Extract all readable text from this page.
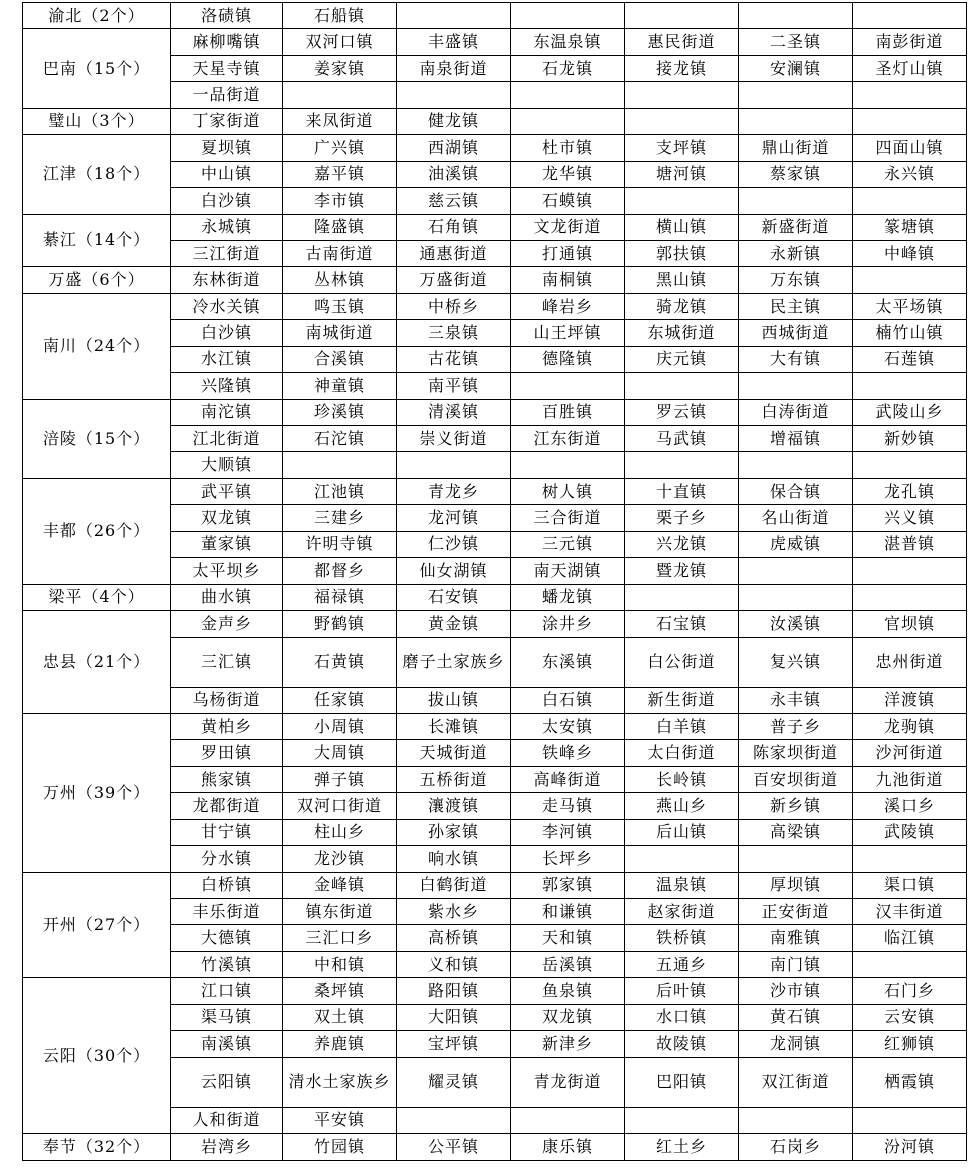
渝北（2个）	洛碛镇	石船镇					
巴南（15个）	麻柳嘴镇	双河口镇	丰盛镇	东温泉镇	惠民街道	二圣镇	南彭街道
	天星寺镇	姜家镇	南泉街道	石龙镇	接龙镇	安澜镇	圣灯山镇
	一品街道						
璧山（3个）	丁家街道	来凤街道	健龙镇				
江津（18个）	夏坝镇	广兴镇	西湖镇	杜市镇	支坪镇	鼎山街道	四面山镇
	中山镇	嘉平镇	油溪镇	龙华镇	塘河镇	蔡家镇	永兴镇
	白沙镇	李市镇	慈云镇	石蟆镇			
綦江（14个）	永城镇	隆盛镇	石角镇	文龙街道	横山镇	新盛街道	篆塘镇
	三江街道	古南街道	通惠街道	打通镇	郭扶镇	永新镇	中峰镇
万盛（6个）	东林街道	丛林镇	万盛街道	南桐镇	黑山镇	万东镇	
南川（24个）	冷水关镇	鸣玉镇	中桥乡	峰岩乡	骑龙镇	民主镇	太平场镇
	白沙镇	南城街道	三泉镇	山王坪镇	东城街道	西城街道	楠竹山镇
	水江镇	合溪镇	古花镇	德隆镇	庆元镇	大有镇	石莲镇
	兴隆镇	神童镇	南平镇				
涪陵（15个）	南沱镇	珍溪镇	清溪镇	百胜镇	罗云镇	白涛街道	武陵山乡
	江北街道	石沱镇	崇义街道	江东街道	马武镇	增福镇	新妙镇
	大顺镇						
丰都（26个）	武平镇	江池镇	青龙乡	树人镇	十直镇	保合镇	龙孔镇
	双龙镇	三建乡	龙河镇	三合街道	栗子乡	名山街道	兴义镇
	董家镇	许明寺镇	仁沙镇	三元镇	兴龙镇	虎威镇	湛普镇
	太平坝乡	都督乡	仙女湖镇	南天湖镇	暨龙镇		
梁平（4个）	曲水镇	福禄镇	石安镇	蟠龙镇			
忠县（21个）	金声乡	野鹤镇	黄金镇	涂井乡	石宝镇	汝溪镇	官坝镇
	三汇镇	石黄镇	磨子土家族乡	东溪镇	白公街道	复兴镇	忠州街道
	乌杨街道	任家镇	拔山镇	白石镇	新生街道	永丰镇	洋渡镇
万州（39个）	黄柏乡	小周镇	长滩镇	太安镇	白羊镇	普子乡	龙驹镇
	罗田镇	大周镇	天城街道	铁峰乡	太白街道	陈家坝街道	沙河街道
	熊家镇	弹子镇	五桥街道	高峰街道	长岭镇	百安坝街道	九池街道
	龙都街道	双河口街道	瀼渡镇	走马镇	燕山乡	新乡镇	溪口乡
	甘宁镇	柱山乡	孙家镇	李河镇	后山镇	高梁镇	武陵镇
	分水镇	龙沙镇	响水镇	长坪乡			
开州（27个）	白桥镇	金峰镇	白鹤街道	郭家镇	温泉镇	厚坝镇	渠口镇
	丰乐街道	镇东街道	紫水乡	和谦镇	赵家街道	正安街道	汉丰街道
	大德镇	三汇口乡	高桥镇	天和镇	铁桥镇	南雅镇	临江镇
	竹溪镇	中和镇	义和镇	岳溪镇	五通乡	南门镇	
云阳（30个）	江口镇	桑坪镇	路阳镇	鱼泉镇	后叶镇	沙市镇	石门乡
	渠马镇	双土镇	大阳镇	双龙镇	水口镇	黄石镇	云安镇
	南溪镇	养鹿镇	宝坪镇	新津乡	故陵镇	龙洞镇	红狮镇
	云阳镇	清水土家族乡	耀灵镇	青龙街道	巴阳镇	双江街道	栖霞镇
	人和街道	平安镇					
奉节（32个）	岩湾乡	竹园镇	公平镇	康乐镇	红土乡	石岗乡	汾河镇
